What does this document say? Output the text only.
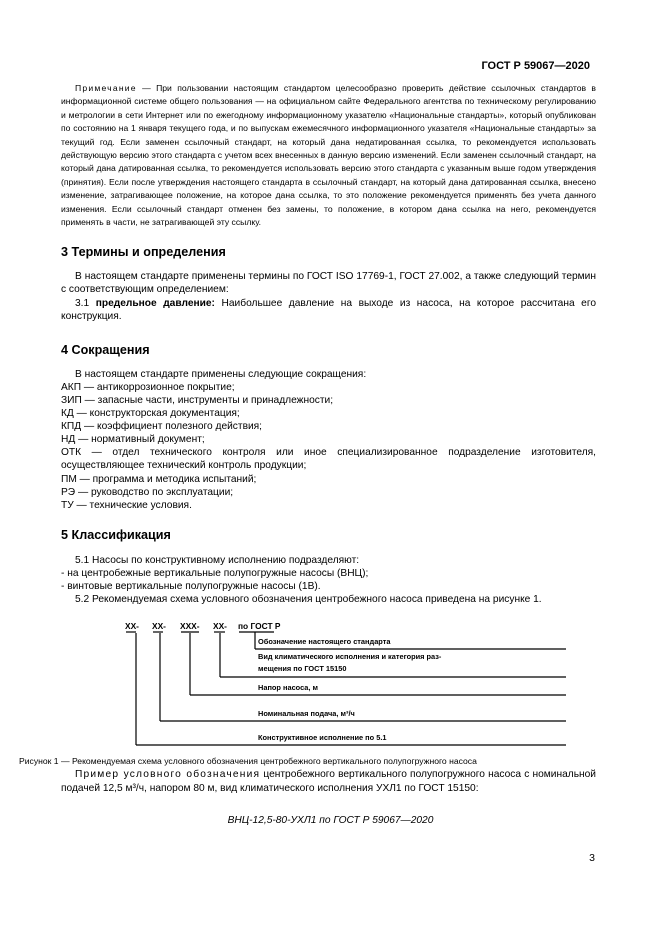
ГОСТ Р 59067—2020
Примечание — При пользовании настоящим стандартом целесообразно проверить действие ссылочных стандартов в информационной системе общего пользования — на официальном сайте Федерального агентства по техническому регулированию и метрологии в сети Интернет или по ежегодному информационному указателю «Национальные стандарты», который опубликован по состоянию на 1 января текущего года, и по выпускам ежемесячного информационного указателя «Национальные стандарты» за текущий год. Если заменен ссылочный стандарт, на который дана недатированная ссылка, то рекомендуется использовать действующую версию этого стандарта с учетом всех внесенных в данную версию изменений. Если заменен ссылочный стандарт, на который дана датированная ссылка, то рекомендуется использовать версию этого стандарта с указанным выше годом утверждения (принятия). Если после утверждения настоящего стандарта в ссылочный стандарт, на который дана датированная ссылка, внесено изменение, затрагивающее положение, на которое дана ссылка, то это положение рекомендуется применять без учета данного изменения. Если ссылочный стандарт отменен без замены, то положение, в котором дана ссылка на него, рекомендуется применять в части, не затрагивающей эту ссылку.
3 Термины и определения
В настоящем стандарте применены термины по ГОСТ ISO 17769-1, ГОСТ 27.002, а также следующий термин с соответствующим определением:
3.1 предельное давление: Наибольшее давление на выходе из насоса, на которое рассчитана его конструкция.
4 Сокращения
В настоящем стандарте применены следующие сокращения:
АКП — антикоррозионное покрытие;
ЗИП — запасные части, инструменты и принадлежности;
КД — конструкторская документация;
КПД — коэффициент полезного действия;
НД — нормативный документ;
ОТК — отдел технического контроля или иное специализированное подразделение изготовителя, осуществляющее технический контроль продукции;
ПМ — программа и методика испытаний;
РЭ — руководство по эксплуатации;
ТУ — технические условия.
5 Классификация
5.1 Насосы по конструктивному исполнению подразделяют:
- на центробежные вертикальные полупогружные насосы (ВНЦ);
- винтовые вертикальные полупогружные насосы (1В).
5.2 Рекомендуемая схема условного обозначения центробежного насоса приведена на рисунке 1.
ХХ- ХХ- ХХХ- ХХ- по ГОСТ Р
Обозначение настоящего стандарта
Вид климатического исполнения и категория раз-
мещения по ГОСТ 15150
Напор насоса, м
Номинальная подача, м³/ч
Конструктивное исполнение по 5.1
Рисунок 1 — Рекомендуемая схема условного обозначения центробежного вертикального полупогружного насоса
Пример условного обозначения центробежного вертикального полупогружного насоса с номинальной подачей 12,5 м³/ч, напором 80 м, вид климатического исполнения УХЛ1 по ГОСТ 15150:
ВНЦ-12,5-80-УХЛ1 по ГОСТ Р 59067—2020
3
